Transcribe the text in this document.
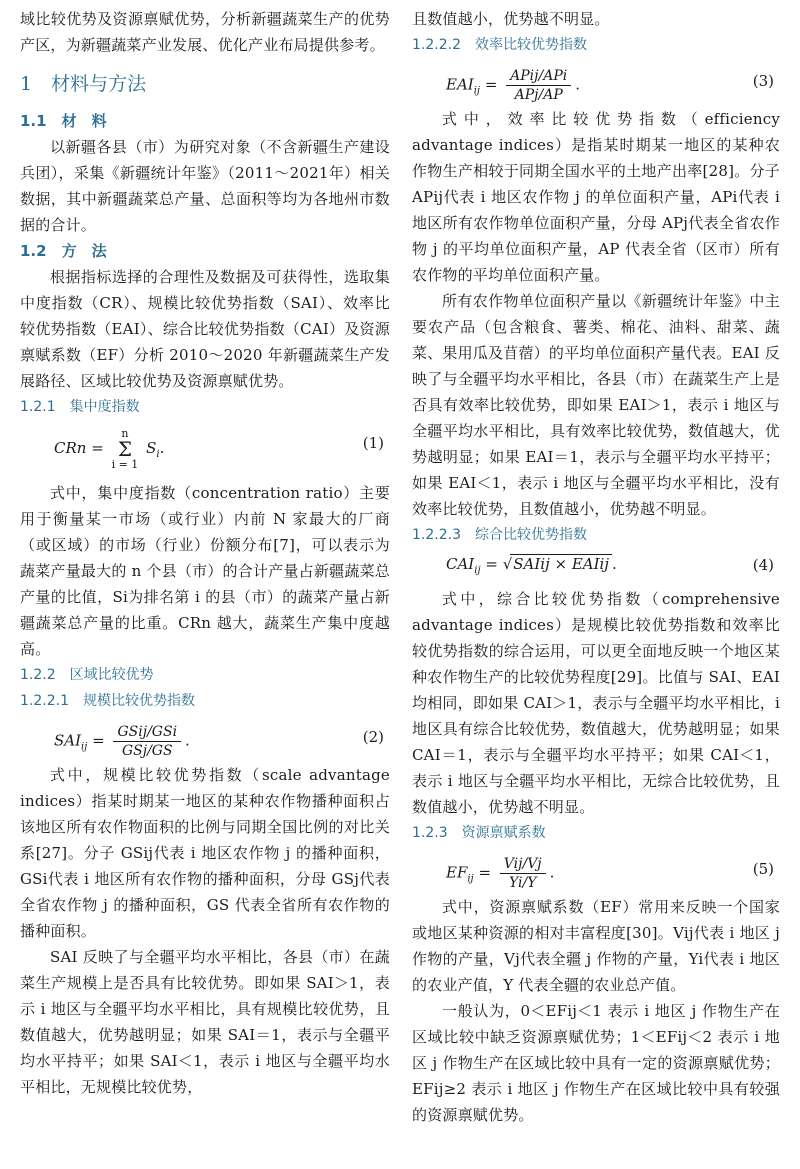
域比较优势及资源禀赋优势，分析新疆蔬菜生产的优势产区，为新疆蔬菜产业发展、优化产业布局提供参考。

1　材料与方法
1.1　材　料

以新疆各县（市）为研究对象（不含新疆生产建设兵团），采集《新疆统计年鉴》（2011～2021年）相关数据，其中新疆蔬菜总产量、总面积等均为各地州市数据的合计。

1.2　方　法

根据指标选择的合理性及数据及可获得性，选取集中度指数（CR）、规模比较优势指数（SAI）、效率比较优势指数（EAI）、综合比较优势指数（CAI）及资源禀赋系数（EF）分析 2010～2020 年新疆蔬菜生产发展路径、区域比较优势及资源禀赋优势。

1.2.1　集中度指数
CRn =
n
Σ
i = 1
$S_i$.	(1)

式中，集中度指数（concentration ratio）主要用于衡量某一市场（或行业）内前 N 家最大的厂商（或区域）的市场（行业）份额分布[7]，可以表示为蔬菜产量最大的 n 个县（市）的合计产量占新疆蔬菜总产量的比值，Si为排名第 i 的县（市）的蔬菜产量占新疆蔬菜总产量的比重。CRn 越大，蔬菜生产集中度越高。

1.2.2　区域比较优势
1.2.2.1　规模比较优势指数
$SAI_{ij} = \frac{\text{GSij/GSi}}{\text{GSj/GS}}$ .	(2)

式中，规模比较优势指数（scale advantage indices）指某时期某一地区的某种农作物播种面积占该地区所有农作物面积的比例与同期全国比例的对比关系[27]。分子 GSij代表 i 地区农作物 j 的播种面积，GSi代表 i 地区所有农作物的播种面积，分母 GSj代表全省农作物 j 的播种面积，GS 代表全省所有农作物的播种面积。

SAI 反映了与全疆平均水平相比，各县（市）在蔬菜生产规模上是否具有比较优势。即如果 SAI＞1，表示 i 地区与全疆平均水平相比，具有规模比较优势，且数值越大，优势越明显；如果 SAI＝1，表示与全疆平均水平持平；如果 SAI＜1，表示 i 地区与全疆平均水平相比，无规模比较优势，

且数值越小，优势越不明显。

1.2.2.2　效率比较优势指数
$EAI_{ij} = \frac{\text{APij/APi}}{\text{APj/AP}}$ .	(3)

式中，效率比较优势指数（efficiency advantage indices）是指某时期某一地区的某种农作物生产相较于同期全国水平的土地产出率[28]。分子 APij代表 i 地区农作物 j 的单位面积产量，APi代表 i 地区所有农作物单位面积产量，分母 APj代表全省农作物 j 的平均单位面积产量，AP 代表全省（区市）所有农作物的平均单位面积产量。

所有农作物单位面积产量以《新疆统计年鉴》中主要农产品（包含粮食、薯类、棉花、油料、甜菜、蔬菜、果用瓜及苜蓿）的平均单位面积产量代表。EAI 反映了与全疆平均水平相比，各县（市）在蔬菜生产上是否具有效率比较优势，即如果 EAI＞1，表示 i 地区与全疆平均水平相比，具有效率比较优势，数值越大，优势越明显；如果 EAI＝1，表示与全疆平均水平持平；如果 EAI＜1，表示 i 地区与全疆平均水平相比，没有效率比较优势，且数值越小，优势越不明显。

1.2.2.3　综合比较优势指数
$CAI_{ij}$ = √SAIij × EAIij .	(4)

式中，综合比较优势指数（comprehensive advantage indices）是规模比较优势指数和效率比较优势指数的综合运用，可以更全面地反映一个地区某种农作物生产的比较优势程度[29]。比值与 SAI、EAI 均相同，即如果 CAI＞1，表示与全疆平均水平相比，i 地区具有综合比较优势，数值越大，优势越明显；如果 CAI＝1，表示与全疆平均水平持平；如果 CAI＜1，表示 i 地区与全疆平均水平相比，无综合比较优势，且数值越小，优势越不明显。

1.2.3　资源禀赋系数
$EF_{ij} = \frac{\text{Vij/Vj}}{Yi/Y}$ .	(5)

式中，资源禀赋系数（EF）常用来反映一个国家或地区某种资源的相对丰富程度[30]。Vij代表 i 地区 j 作物的产量，Vj代表全疆 j 作物的产量，Yi代表 i 地区的农业产值，Y 代表全疆的农业总产值。

一般认为，0＜EFij＜1 表示 i 地区 j 作物生产在区域比较中缺乏资源禀赋优势；1＜EFij＜2 表示 i 地区 j 作物生产在区域比较中具有一定的资源禀赋优势；EFij≥2 表示 i 地区 j 作物生产在区域比较中具有较强的资源禀赋优势。
